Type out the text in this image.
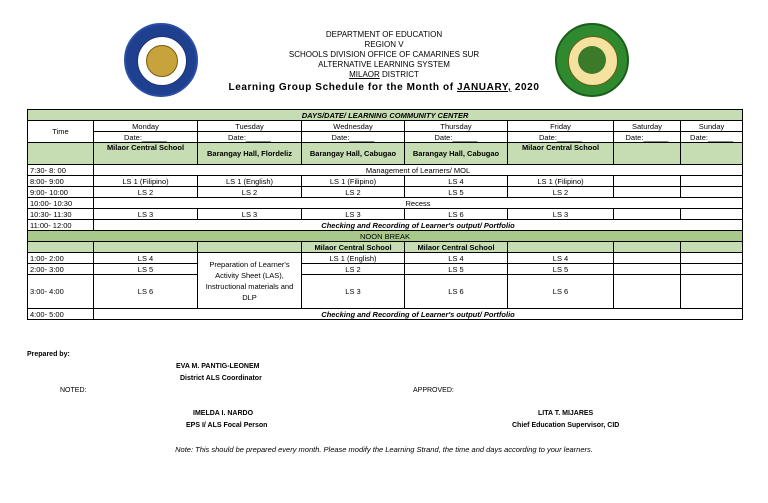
DEPARTMENT OF EDUCATION
REGION V
SCHOOLS DIVISION OFFICE OF CAMARINES SUR
ALTERNATIVE LEARNING SYSTEM
MILAOR DISTRICT
Learning Group Schedule for the Month of JANUARY, 2020
DAYS/DATE/ LEARNING COMMUNITY CENTER							
Time	Monday	Tuesday	Wednesday	Thursday	Friday	Saturday	Sunday
	Date:______	Date:______	Date:______	Date:______	Date:______	Date:______	Date:______
	Milaor Central School	Barangay Hall, Flordeliz	Barangay Hall, Cabugao	Barangay Hall, Cabugao	Milaor Central School		
7:30- 8: 00	Management of Learners/ MOL						
8:00- 9:00	LS 1 (Filipino)	LS 1 (English)	LS 1 (Filipino)	LS 4	LS 1 (Filipino)		
9:00- 10:00	LS 2	LS 2	LS 2	LS 5	LS 2		
10:00- 10:30	Recess						
10:30- 11:30	LS 3	LS 3	LS 3	LS 6	LS 3		
11:00- 12:00	Checking and Recording of Learner's output/ Portfolio						
NOON BREAK							
			Milaor Central School	Milaor Central School			
1:00- 2:00	LS 4	Preparation of Learner's Activity Sheet (LAS), Instructional materials and DLP	LS 1 (English)	LS 4	LS 4		
2:00- 3:00	LS 5		LS 2	LS 5	LS 5		
3:00- 4:00	LS 6		LS 3	LS 6	LS 6		
4:00- 5:00	Checking and Recording of Learner's output/ Portfolio						
Prepared by:
EVA M. PANTIG-LEONEM
District ALS Coordinator
NOTED:	APPROVED:
IMELDA I. NARDO
EPS I/ ALS Focal Person
LITA T. MIJARES
Chief Education Supervisor, CID
Note: This should be prepared every month. Please modify the Learning Strand, the time and days according to your learners.
